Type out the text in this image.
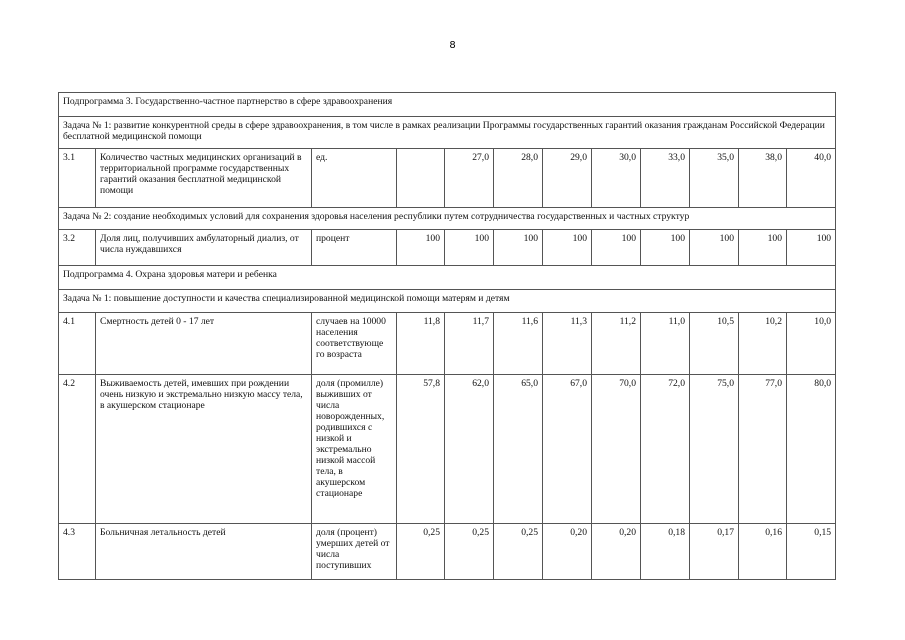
8
Подпрограмма 3. Государственно-частное партнерство в сфере здравоохранения											
Задача № 1: развитие конкурентной среды в сфере здравоохранения, в том числе в рамках реализации Программы государственных гарантий оказания гражданам Российской Федерации бесплатной медицинской помощи											
3.1	Количество частных медицинских организаций в территориальной программе государственных гарантий оказания бесплатной медицинской помощи	ед.		27,0	28,0	29,0	30,0	33,0	35,0	38,0	40,0
Задача № 2: создание необходимых условий для сохранения здоровья населения республики путем сотрудничества государственных и частных структур											
3.2	Доля лиц, получивших амбулаторный диализ, от числа нуждавшихся	процент	100	100	100	100	100	100	100	100	100
Подпрограмма 4. Охрана здоровья матери и ребенка											
Задача № 1: повышение доступности и качества специализированной медицинской помощи матерям и детям											
4.1	Смертность детей 0 - 17 лет	случаев на 10000 населения соответствующе го возраста	11,8	11,7	11,6	11,3	11,2	11,0	10,5	10,2	10,0
4.2	Выживаемость детей, имевших при рождении очень низкую и экстремально низкую массу тела, в акушерском стационаре	доля (промилле) выживших от числа новорожденных, родившихся с низкой и экстремально низкой массой тела, в акушерском стационаре	57,8	62,0	65,0	67,0	70,0	72,0	75,0	77,0	80,0
4.3	Больничная летальность детей	доля (процент) умерших детей от числа поступивших	0,25	0,25	0,25	0,20	0,20	0,18	0,17	0,16	0,15
